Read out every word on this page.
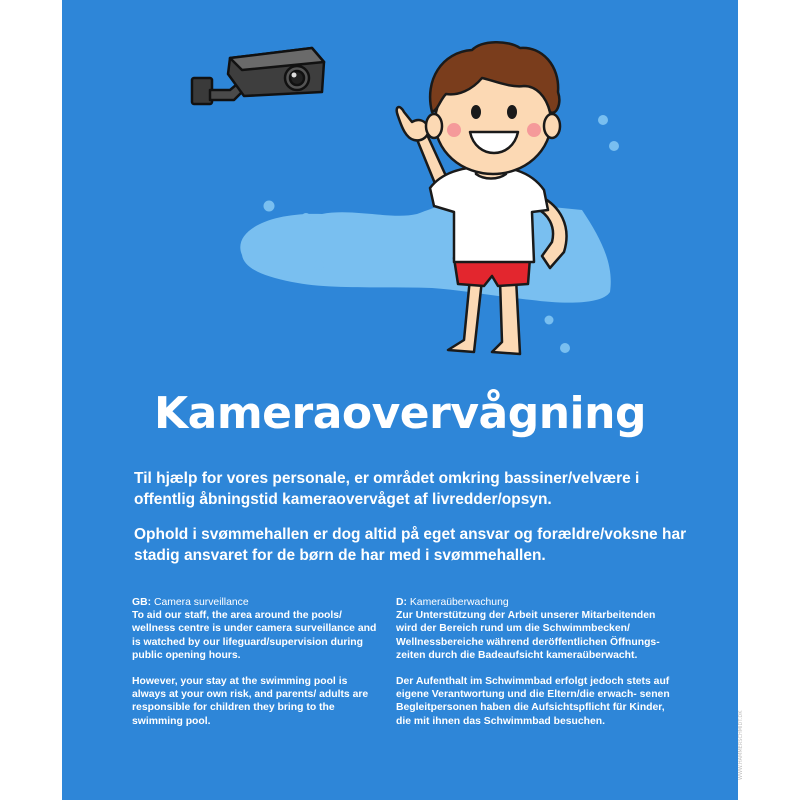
Kameraovervågning

Til hjælp for vores personale, er området omkring bassiner/velvære i offentlig åbningstid kameraovervåget af livredder/opsyn.

Ophold i svømmehallen er dog altid på eget ansvar og forældre/voksne har stadig ansvaret for de børn de har med i svømmehallen.

GB: Camera surveillance

To aid our staff, the area around the pools/ wellness centre is under camera surveillance and is watched by our lifeguard/supervision during public opening hours.

However, your stay at the swimming pool is always at your own risk, and parents/ adults are responsible for children they bring to the swimming pool.

D: Kameraüberwachung

Zur Unterstützung der Arbeit unserer Mitarbeitenden wird der Bereich rund um die Schwimmbecken/ Wellnessbereiche während deröffentlichen Öffnungs- zeiten durch die Badeaufsicht kameraüberwacht.

Der Aufenthalt im Schwimmbad erfolgt jedoch stets auf eigene Verantwortung und die Eltern/die erwach- senen Begleitpersonen haben die Aufsichtspflicht für Kinder, die mit ihnen das Schwimmbad besuchen.	WWW.HAMMERSCHMIDT.DK
